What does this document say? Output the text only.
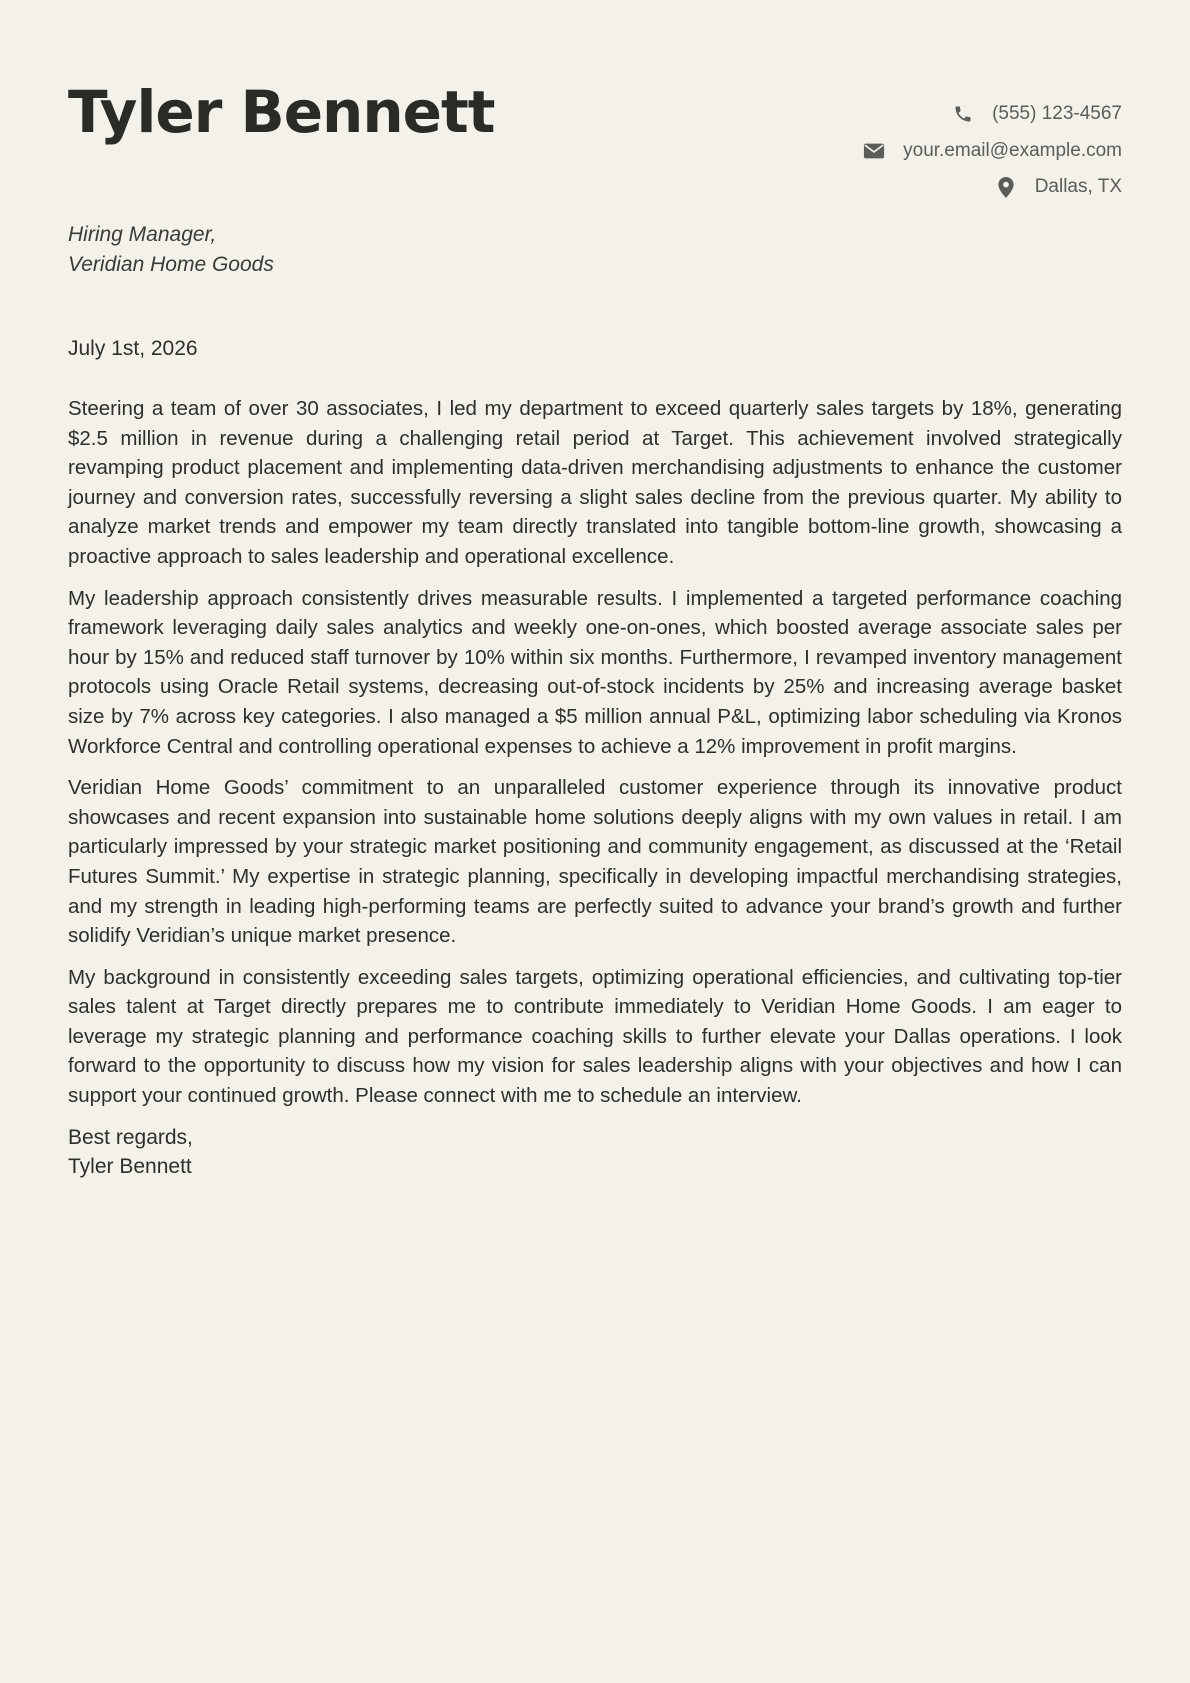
Tyler Bennett	(555) 123-4567
your.email@example.com
Dallas, TX
Hiring Manager,
Veridian Home Goods
July 1st, 2026

Steering a team of over 30 associates, I led my department to exceed quarterly sales targets by 18%, generating $2.5 million in revenue during a challenging retail period at Target. This achievement involved strategically revamping product placement and implementing data-driven merchandising adjustments to enhance the customer journey and conversion rates, successfully reversing a slight sales decline from the previous quarter. My ability to analyze market trends and empower my team directly translated into tangible bottom-line growth, showcasing a proactive approach to sales leadership and operational excellence.

My leadership approach consistently drives measurable results. I implemented a targeted performance coaching framework leveraging daily sales analytics and weekly one-on-ones, which boosted average associate sales per hour by 15% and reduced staff turnover by 10% within six months. Furthermore, I revamped inventory management protocols using Oracle Retail systems, decreasing out-of-stock incidents by 25% and increasing average basket size by 7% across key categories. I also managed a $5 million annual P&L, optimizing labor scheduling via Kronos Workforce Central and controlling operational expenses to achieve a 12% improvement in profit margins.

Veridian Home Goods’ commitment to an unparalleled customer experience through its innovative product showcases and recent expansion into sustainable home solutions deeply aligns with my own values in retail. I am particularly impressed by your strategic market positioning and community engagement, as discussed at the ‘Retail Futures Summit.’ My expertise in strategic planning, specifically in developing impactful merchandising strategies, and my strength in leading high-performing teams are perfectly suited to advance your brand’s growth and further solidify Veridian’s unique market presence.

My background in consistently exceeding sales targets, optimizing operational efficiencies, and cultivating top-tier sales talent at Target directly prepares me to contribute immediately to Veridian Home Goods. I am eager to leverage my strategic planning and performance coaching skills to further elevate your Dallas operations. I look forward to the opportunity to discuss how my vision for sales leadership aligns with your objectives and how I can support your continued growth. Please connect with me to schedule an interview.

Best regards,
Tyler Bennett
